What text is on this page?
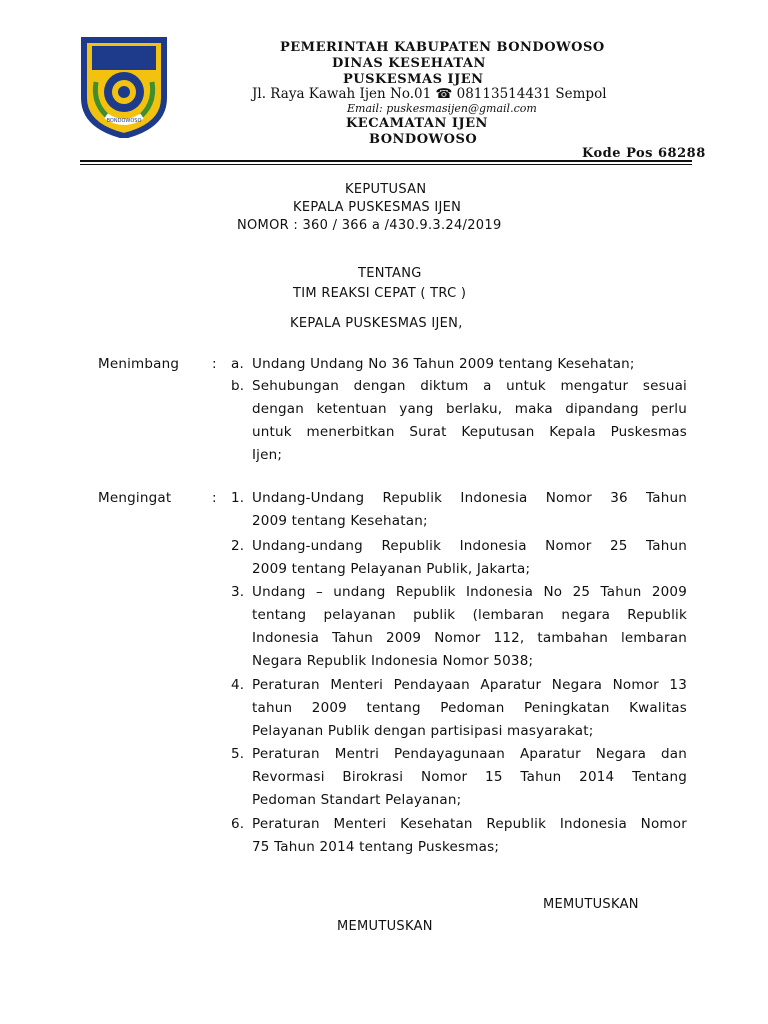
BONDOWOSO
PEMERINTAH KABUPATEN BONDOWOSO
DINAS KESEHATAN
PUSKESMAS IJEN
Jl. Raya Kawah Ijen No.01 ☎ 08113514431 Sempol
Email: puskesmasijen@gmail.com
KECAMATAN IJEN
BONDOWOSO
Kode Pos 68288
KEPUTUSAN
KEPALA PUSKESMAS IJEN
NOMOR : 360 / 366 a /430.9.3.24/2019
TENTANG
TIM REAKSI CEPAT ( TRC )
KEPALA PUSKESMAS IJEN,
Menimbang : a. Undang Undang No 36 Tahun 2009 tentang Kesehatan;
b. Sehubungan dengan diktum a untuk mengatur sesuai
dengan ketentuan yang berlaku, maka dipandang perlu
untuk menerbitkan Surat Keputusan Kepala Puskesmas
Ijen;
Mengingat	: 1. Undang-Undang Republik Indonesia Nomor 36 Tahun
2009 tentang Kesehatan;
2. Undang-undang Republik Indonesia Nomor 25 Tahun
2009 tentang Pelayanan Publik, Jakarta;
3. Undang – undang Republik Indonesia No 25 Tahun 2009
tentang pelayanan publik (lembaran negara Republik
Indonesia Tahun 2009 Nomor 112, tambahan lembaran
Negara Republik Indonesia Nomor 5038;
4. Peraturan Menteri Pendayaan Aparatur Negara Nomor 13
tahun 2009 tentang Pedoman Peningkatan Kwalitas
Pelayanan Publik dengan partisipasi masyarakat;
5. Peraturan Mentri Pendayagunaan Aparatur Negara dan
Revormasi Birokrasi Nomor 15 Tahun 2014 Tentang
Pedoman Standart Pelayanan;
6. Peraturan Menteri Kesehatan Republik Indonesia Nomor
75 Tahun 2014 tentang Puskesmas;
MEMUTUSKAN
MEMUTUSKAN
